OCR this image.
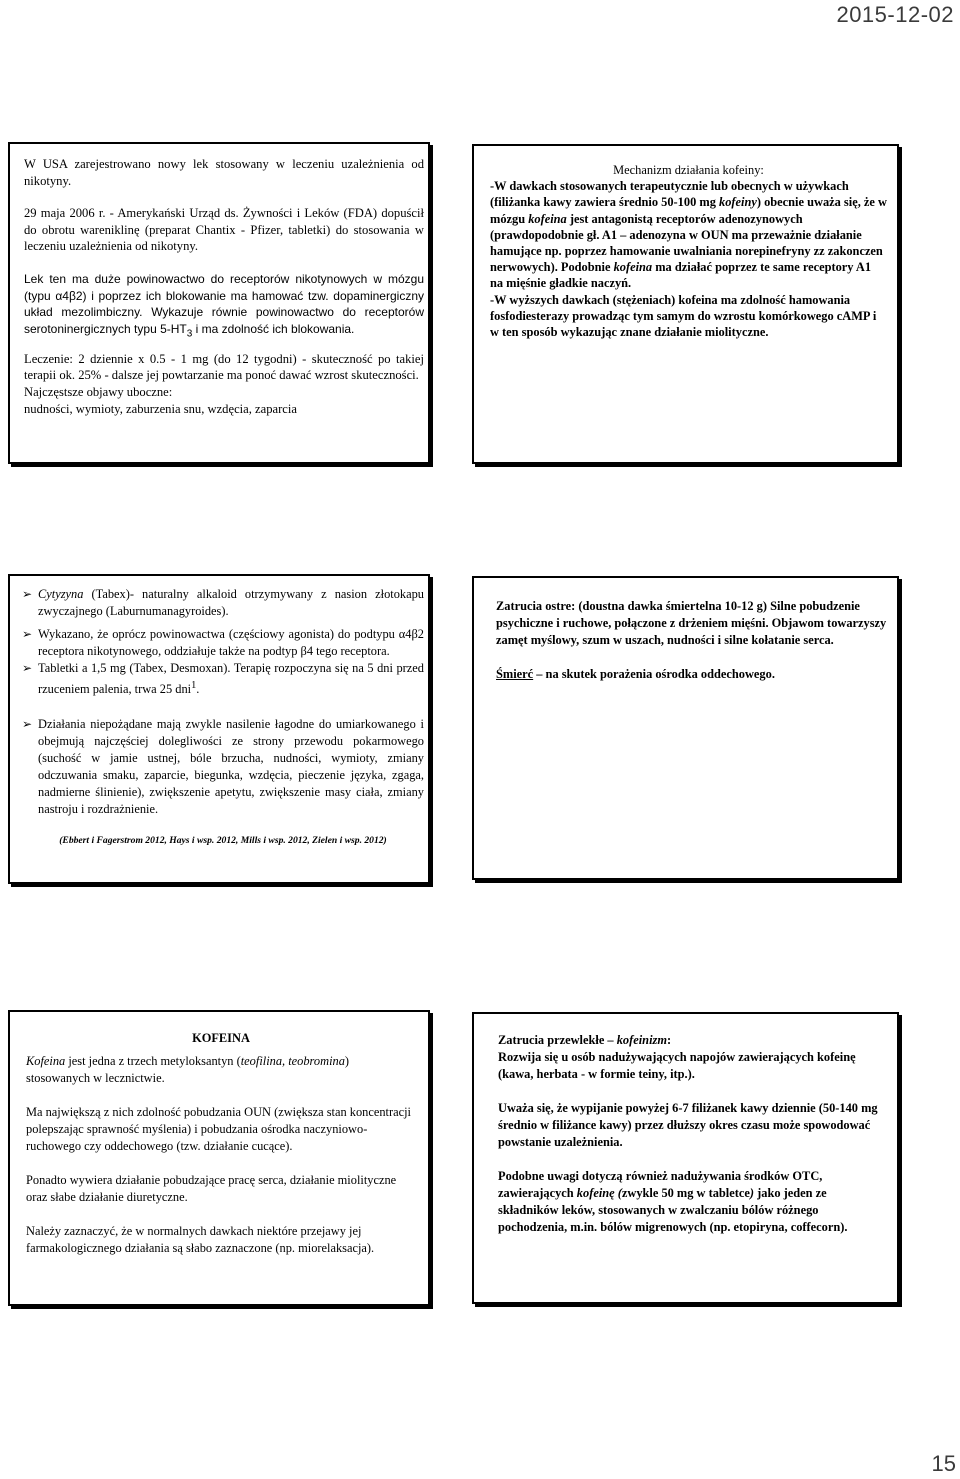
2015-12-02

W USA zarejestrowano nowy lek stosowany w leczeniu uzależnienia od nikotyny.

29 maja 2006 r. - Amerykański Urząd ds. Żywności i Leków (FDA) dopuścił do obrotu wareniklinę (preparat Chantix - Pfizer, tabletki) do stosowania w leczeniu uzależnienia od nikotyny.

Lek ten ma duże powinowactwo do receptorów nikotynowych w mózgu (typu α4β2) i poprzez ich blokowanie ma hamować tzw. dopaminergiczny układ mezolimbiczny. Wykazuje równie powinowactwo do receptorów serotoninergicznych typu $5-HT_3$ i ma zdolność ich blokowania.

Leczenie: 2 dziennie x 0.5 - 1 mg (do 12 tygodni) - skuteczność po takiej terapii ok. 25% - dalsze jej powtarzanie ma ponoć dawać wzrost skuteczności.

Najczęstsze objawy uboczne:

nudności, wymioty, zaburzenia snu, wzdęcia, zaparcia

Mechanizm działania kofeiny:

-W dawkach stosowanych terapeutycznie lub obecnych w używkach (filiżanka kawy zawiera średnio 50-100 mg kofeiny) obecnie uważa się, że w mózgu kofeina jest antagonistą receptorów adenozynowych (prawdopodobnie gł. A1 – adenozyna w OUN ma przeważnie działanie hamujące np. poprzez hamowanie uwalniania norepinefryny zz zakonczen nerwowych). Podobnie kofeina ma działać poprzez te same receptory A1 na mięśnie gładkie naczyń.

-W wyższych dawkach (stężeniach) kofeina ma zdolność hamowania fosfodiesterazy prowadząc tym samym do wzrostu komórkowego cAMP i w ten sposób wykazując znane działanie miolityczne.

➢ Cytyzyna (Tabex)- naturalny alkaloid otrzymywany z nasion złotokapu zwyczajnego (Laburnumanagyroides).

➢ Wykazano, że oprócz powinowactwa (częściowy agonista) do podtypu α4β2 receptora nikotynowego, oddziałuje także na podtyp β4 tego receptora.

➢ Tabletki a 1,5 mg (Tabex, Desmoxan). Terapię rozpoczyna się na 5 dni przed rzuceniem palenia, trwa 25 dni$^1$.

➢ Działania niepożądane mają zwykle nasilenie łagodne do umiarkowanego i obejmują najczęściej dolegliwości ze strony przewodu pokarmowego (suchość w jamie ustnej, bóle brzucha, nudności, wymioty, zmiany odczuwania smaku, zaparcie, biegunka, wzdęcia, pieczenie języka, zgaga, nadmierne ślinienie), zwiększenie apetytu, zwiększenie masy ciała, zmiany nastroju i rozdrażnienie.

(Ebbert i Fagerstrom 2012, Hays i wsp. 2012, Mills i wsp. 2012, Zielen i wsp. 2012)

Zatrucia ostre: (doustna dawka śmiertelna 10-12 g) Silne pobudzenie psychiczne i ruchowe, połączone z drżeniem mięśni. Objawom towarzyszy zamęt myślowy, szum w uszach, nudności i silne kołatanie serca.

Śmierć – na skutek porażenia ośrodka oddechowego.

KOFEINA

Kofeina jest jedna z trzech metyloksantyn (teofilina, teobromina) stosowanych w lecznictwie.

Ma największą z nich zdolność pobudzania OUN (zwiększa stan koncentracji polepszając sprawność myślenia) i pobudzania ośrodka naczyniowo-ruchowego czy oddechowego (tzw. działanie cucące).

Ponadto wywiera działanie pobudzające pracę serca, działanie miolityczne oraz słabe działanie diuretyczne.

Należy zaznaczyć, że w normalnych dawkach niektóre przejawy jej farmakologicznego działania są słabo zaznaczone (np. miorelaksacja).

Zatrucia przewlekłe – kofeinizm:

Rozwija się u osób nadużywających napojów zawierających kofeinę (kawa, herbata - w formie teiny, itp.).

Uważa się, że wypijanie powyżej 6-7 filiżanek kawy dziennie (50-140 mg średnio w filiżance kawy) przez dłuższy okres czasu może spowodować powstanie uzależnienia.

Podobne uwagi dotyczą również nadużywania środków OTC, zawierających kofeinę (zwykle 50 mg w tabletce) jako jeden ze składników leków, stosowanych w zwalczaniu bólów różnego pochodzenia, m.in. bólów migrenowych (np. etopiryna, coffecorn).

15
